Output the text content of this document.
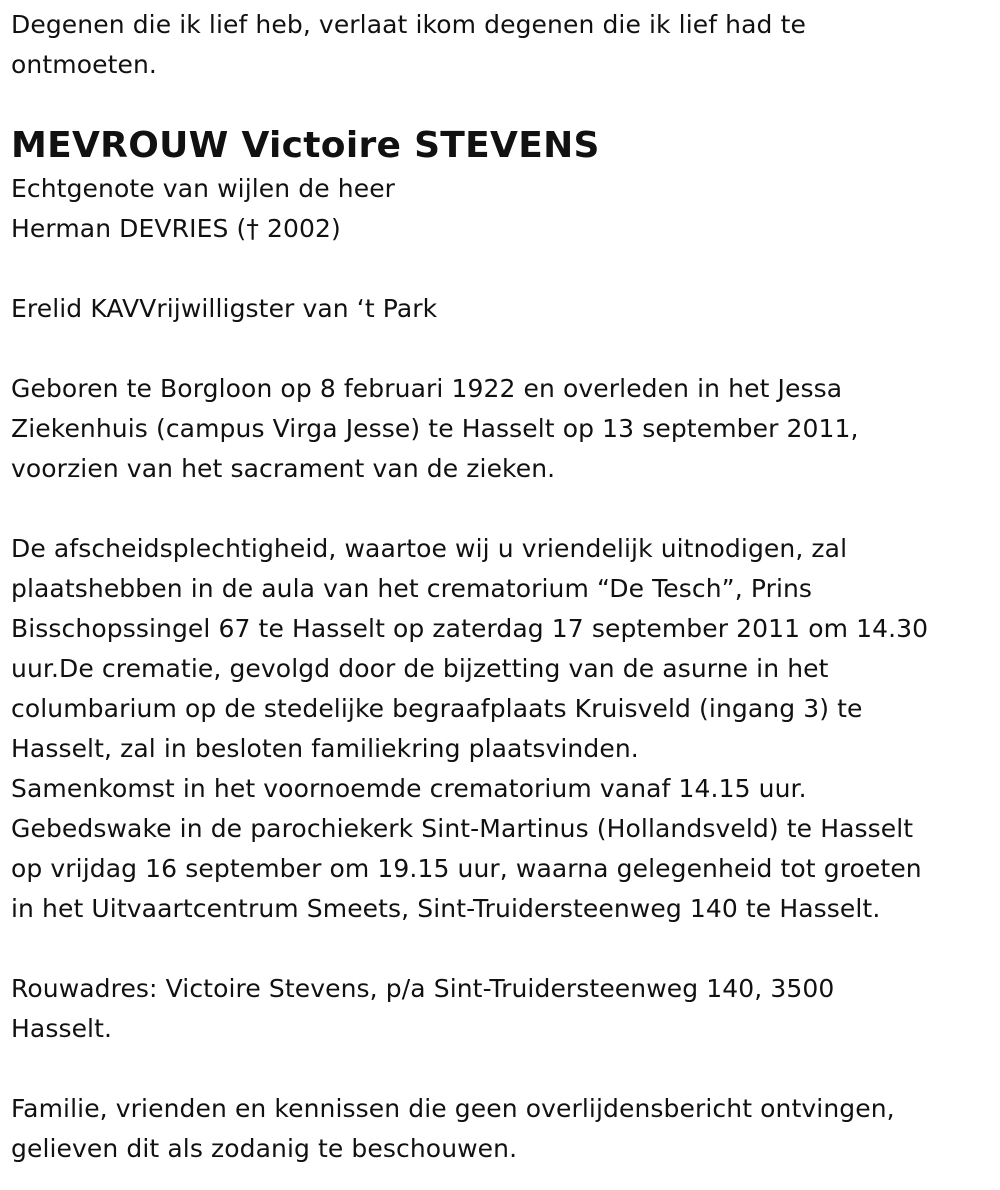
Degenen die ik lief heb, verlaat ikom degenen die ik lief had te
ontmoeten.
MEVROUW Victoire STEVENS
Echtgenote van wijlen de heer
Herman DEVRIES († 2002)
Erelid KAVVrijwilligster van ‘t Park
Geboren te Borgloon op 8 februari 1922 en overleden in het Jessa
Ziekenhuis (campus Virga Jesse) te Hasselt op 13 september 2011,
voorzien van het sacrament van de zieken.
De afscheidsplechtigheid, waartoe wij u vriendelijk uitnodigen, zal
plaatshebben in de aula van het crematorium “De Tesch”, Prins
Bisschopssingel 67 te Hasselt op zaterdag 17 september 2011 om 14.30
uur.De crematie, gevolgd door de bijzetting van de asurne in het
columbarium op de stedelijke begraafplaats Kruisveld (ingang 3) te
Hasselt, zal in besloten familiekring plaatsvinden.
Samenkomst in het voornoemde crematorium vanaf 14.15 uur.
Gebedswake in de parochiekerk Sint-Martinus (Hollandsveld) te Hasselt
op vrijdag 16 september om 19.15 uur, waarna gelegenheid tot groeten
in het Uitvaartcentrum Smeets, Sint-Truidersteenweg 140 te Hasselt.
Rouwadres: Victoire Stevens, p/a Sint-Truidersteenweg 140, 3500
Hasselt.
Familie, vrienden en kennissen die geen overlijdensbericht ontvingen,
gelieven dit als zodanig te beschouwen.
